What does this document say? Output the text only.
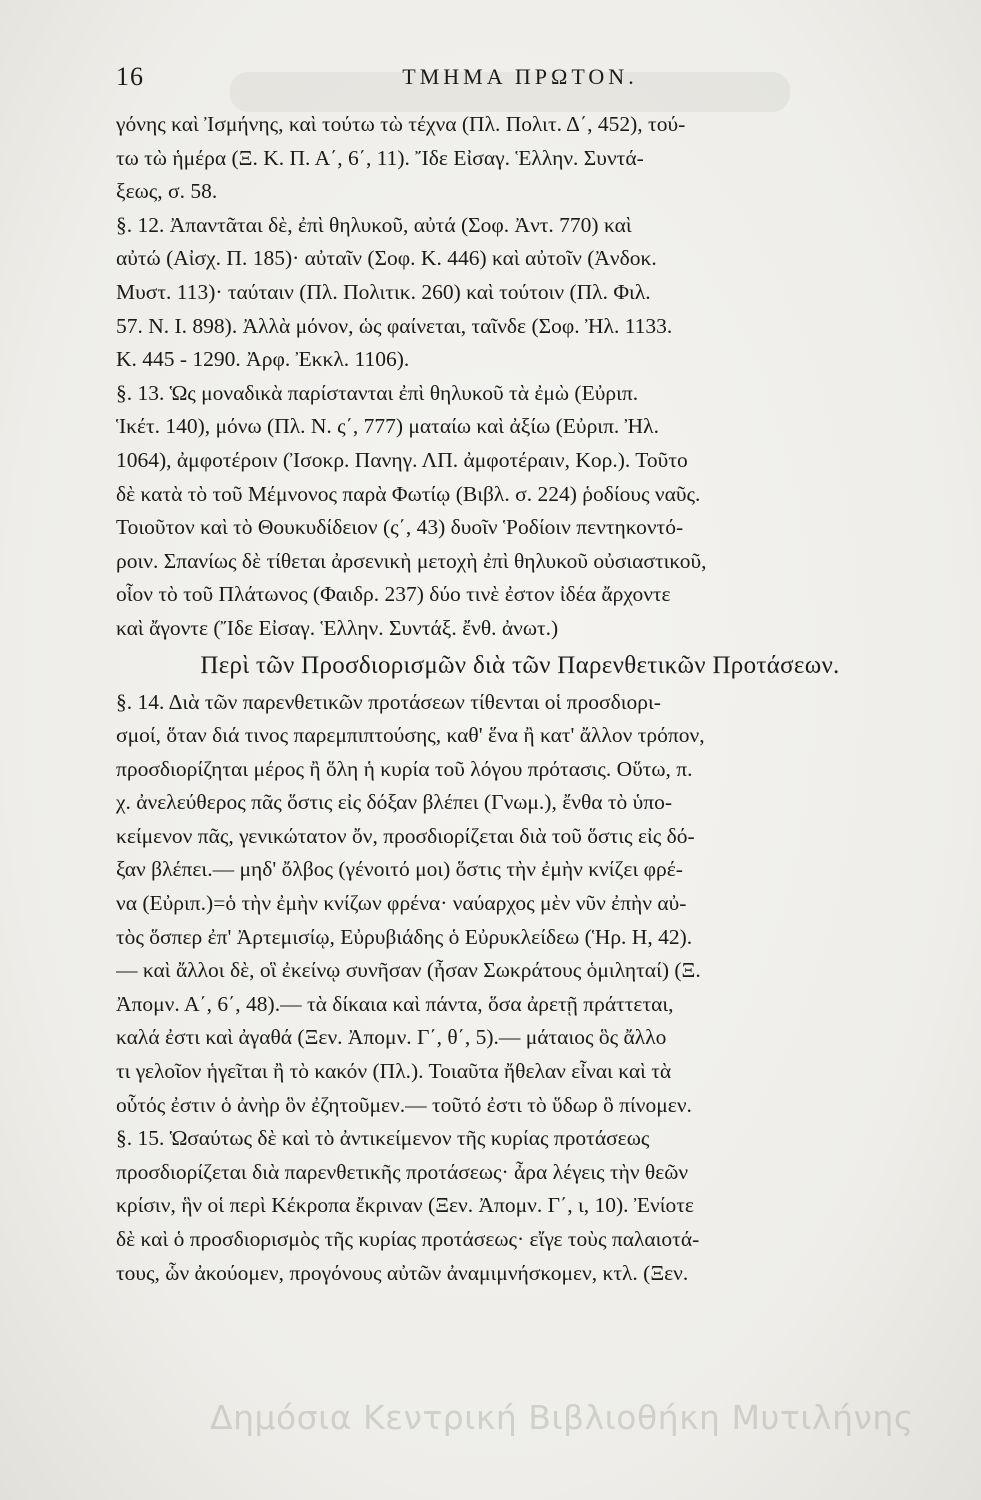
16	ΤΜΗΜΑ ΠΡΩΤΟΝ.
γόνης καὶ Ἰσμήνης, καὶ τούτω τὼ τέχνα (Πλ. Πολιτ. Δ΄, 452), τού-
τω τὼ ἡμέρα (Ξ. Κ. Π. Α΄, 6΄, 11). Ἴδε Εἰσαγ. Ἑλλην. Συντά-
ξεως, σ. 58.
§. 12. Ἀπαντᾶται δὲ, ἐπὶ θηλυκοῦ, αὐτά (Σοφ. Ἀντ. 770) καὶ
αὐτώ (Αἰσχ. Π. 185)· αὐταῖν (Σοφ. Κ. 446) καὶ αὐτοῖν (Ἀνδοκ.
Μυστ. 113)· ταύταιν (Πλ. Πολιτικ. 260) καὶ τούτοιν (Πλ. Φιλ.
57. Ν. Ι. 898). Ἀλλὰ μόνον, ὡς φαίνεται, ταῖνδε (Σοφ. Ἠλ. 1133.
Κ. 445 - 1290. Ἀρφ. Ἐκκλ. 1106).
§. 13. Ὡς μοναδικὰ παρίστανται ἐπὶ θηλυκοῦ τὰ ἐμὼ (Εὐριπ.
Ἱκέτ. 140), μόνω (Πλ. Ν. ς΄, 777) ματαίω καὶ ἀξίω (Εὐριπ. Ἠλ.
1064), ἀμφοτέροιν (Ἰσοκρ. Πανηγ. ΛΠ. ἀμφοτέραιν, Κορ.). Τοῦτο
δὲ κατὰ τὸ τοῦ Μέμνονος παρὰ Φωτίῳ (Βιβλ. σ. 224) ῥοδίους ναῦς.
Τοιοῦτον καὶ τὸ Θουκυδίδειον (ς΄, 43) δυοῖν Ῥοδίοιν πεντηκοντό-
ροιν. Σπανίως δὲ τίθεται ἀρσενικὴ μετοχὴ ἐπὶ θηλυκοῦ οὐσιαστικοῦ,
οἷον τὸ τοῦ Πλάτωνος (Φαιδρ. 237) δύο τινὲ ἐστον ἰδέα ἄρχοντε
καὶ ἄγοντε (Ἴδε Εἰσαγ. Ἑλλην. Συντάξ. ἔνθ. ἀνωτ.)
Περὶ τῶν Προσδιορισμῶν διὰ τῶν Παρενθετικῶν Προτάσεων.
§. 14. Διὰ τῶν παρενθετικῶν προτάσεων τίθενται οἱ προσδιορι-
σμοί, ὅταν διά τινος παρεμπιπτούσης, καθ' ἕνα ἢ κατ' ἄλλον τρόπον,
προσδιορίζηται μέρος ἢ ὅλη ἡ κυρία τοῦ λόγου πρότασις. Οὕτω, π.
χ. ἀνελεύθερος πᾶς ὅστις εἰς δόξαν βλέπει (Γνωμ.), ἔνθα τὸ ὑπο-
κείμενον πᾶς, γενικώτατον ὄν, προσδιορίζεται διὰ τοῦ ὅστις εἰς δό-
ξαν βλέπει.— μηδ' ὄλβος (γένοιτό μοι) ὅστις τὴν ἐμὴν κνίζει φρέ-
να (Εὐριπ.)=ὁ τὴν ἐμὴν κνίζων φρένα· ναύαρχος μὲν νῦν ἐπὴν αὐ-
τὸς ὅσπερ ἐπ' Ἀρτεμισίῳ, Εὐρυβιάδης ὁ Εὐρυκλείδεω (Ἡρ. Η, 42).
— καὶ ἄλλοι δὲ, οἳ ἐκείνῳ συνῆσαν (ἦσαν Σωκράτους ὁμιληταί) (Ξ.
Ἀπομν. Α΄, 6΄, 48).— τὰ δίκαια καὶ πάντα, ὅσα ἀρετῇ πράττεται,
καλά ἐστι καὶ ἀγαθά (Ξεν. Ἀπομν. Γ΄, θ΄, 5).— μάταιος ὃς ἄλλο
τι γελοῖον ἡγεῖται ἢ τὸ κακόν (Πλ.). Τοιαῦτα ἤθελαν εἶναι καὶ τὰ
οὗτός ἐστιν ὁ ἀνὴρ ὃν ἐζητοῦμεν.— τοῦτό ἐστι τὸ ὕδωρ ὃ πίνομεν.
§. 15. Ὡσαύτως δὲ καὶ τὸ ἀντικείμενον τῆς κυρίας προτάσεως
προσδιορίζεται διὰ παρενθετικῆς προτάσεως· ἆρα λέγεις τὴν θεῶν
κρίσιν, ἣν οἱ περὶ Κέκροπα ἔκριναν (Ξεν. Ἀπομν. Γ΄, ι, 10). Ἐνίοτε
δὲ καὶ ὁ προσδιορισμὸς τῆς κυρίας προτάσεως· εἴγε τοὺς παλαιοτά-
τους, ὧν ἀκούομεν, προγόνους αὐτῶν ἀναμιμνήσκομεν, κτλ. (Ξεν.
Δημόσια Κεντρική Βιβλιοθήκη Μυτιλήνης
